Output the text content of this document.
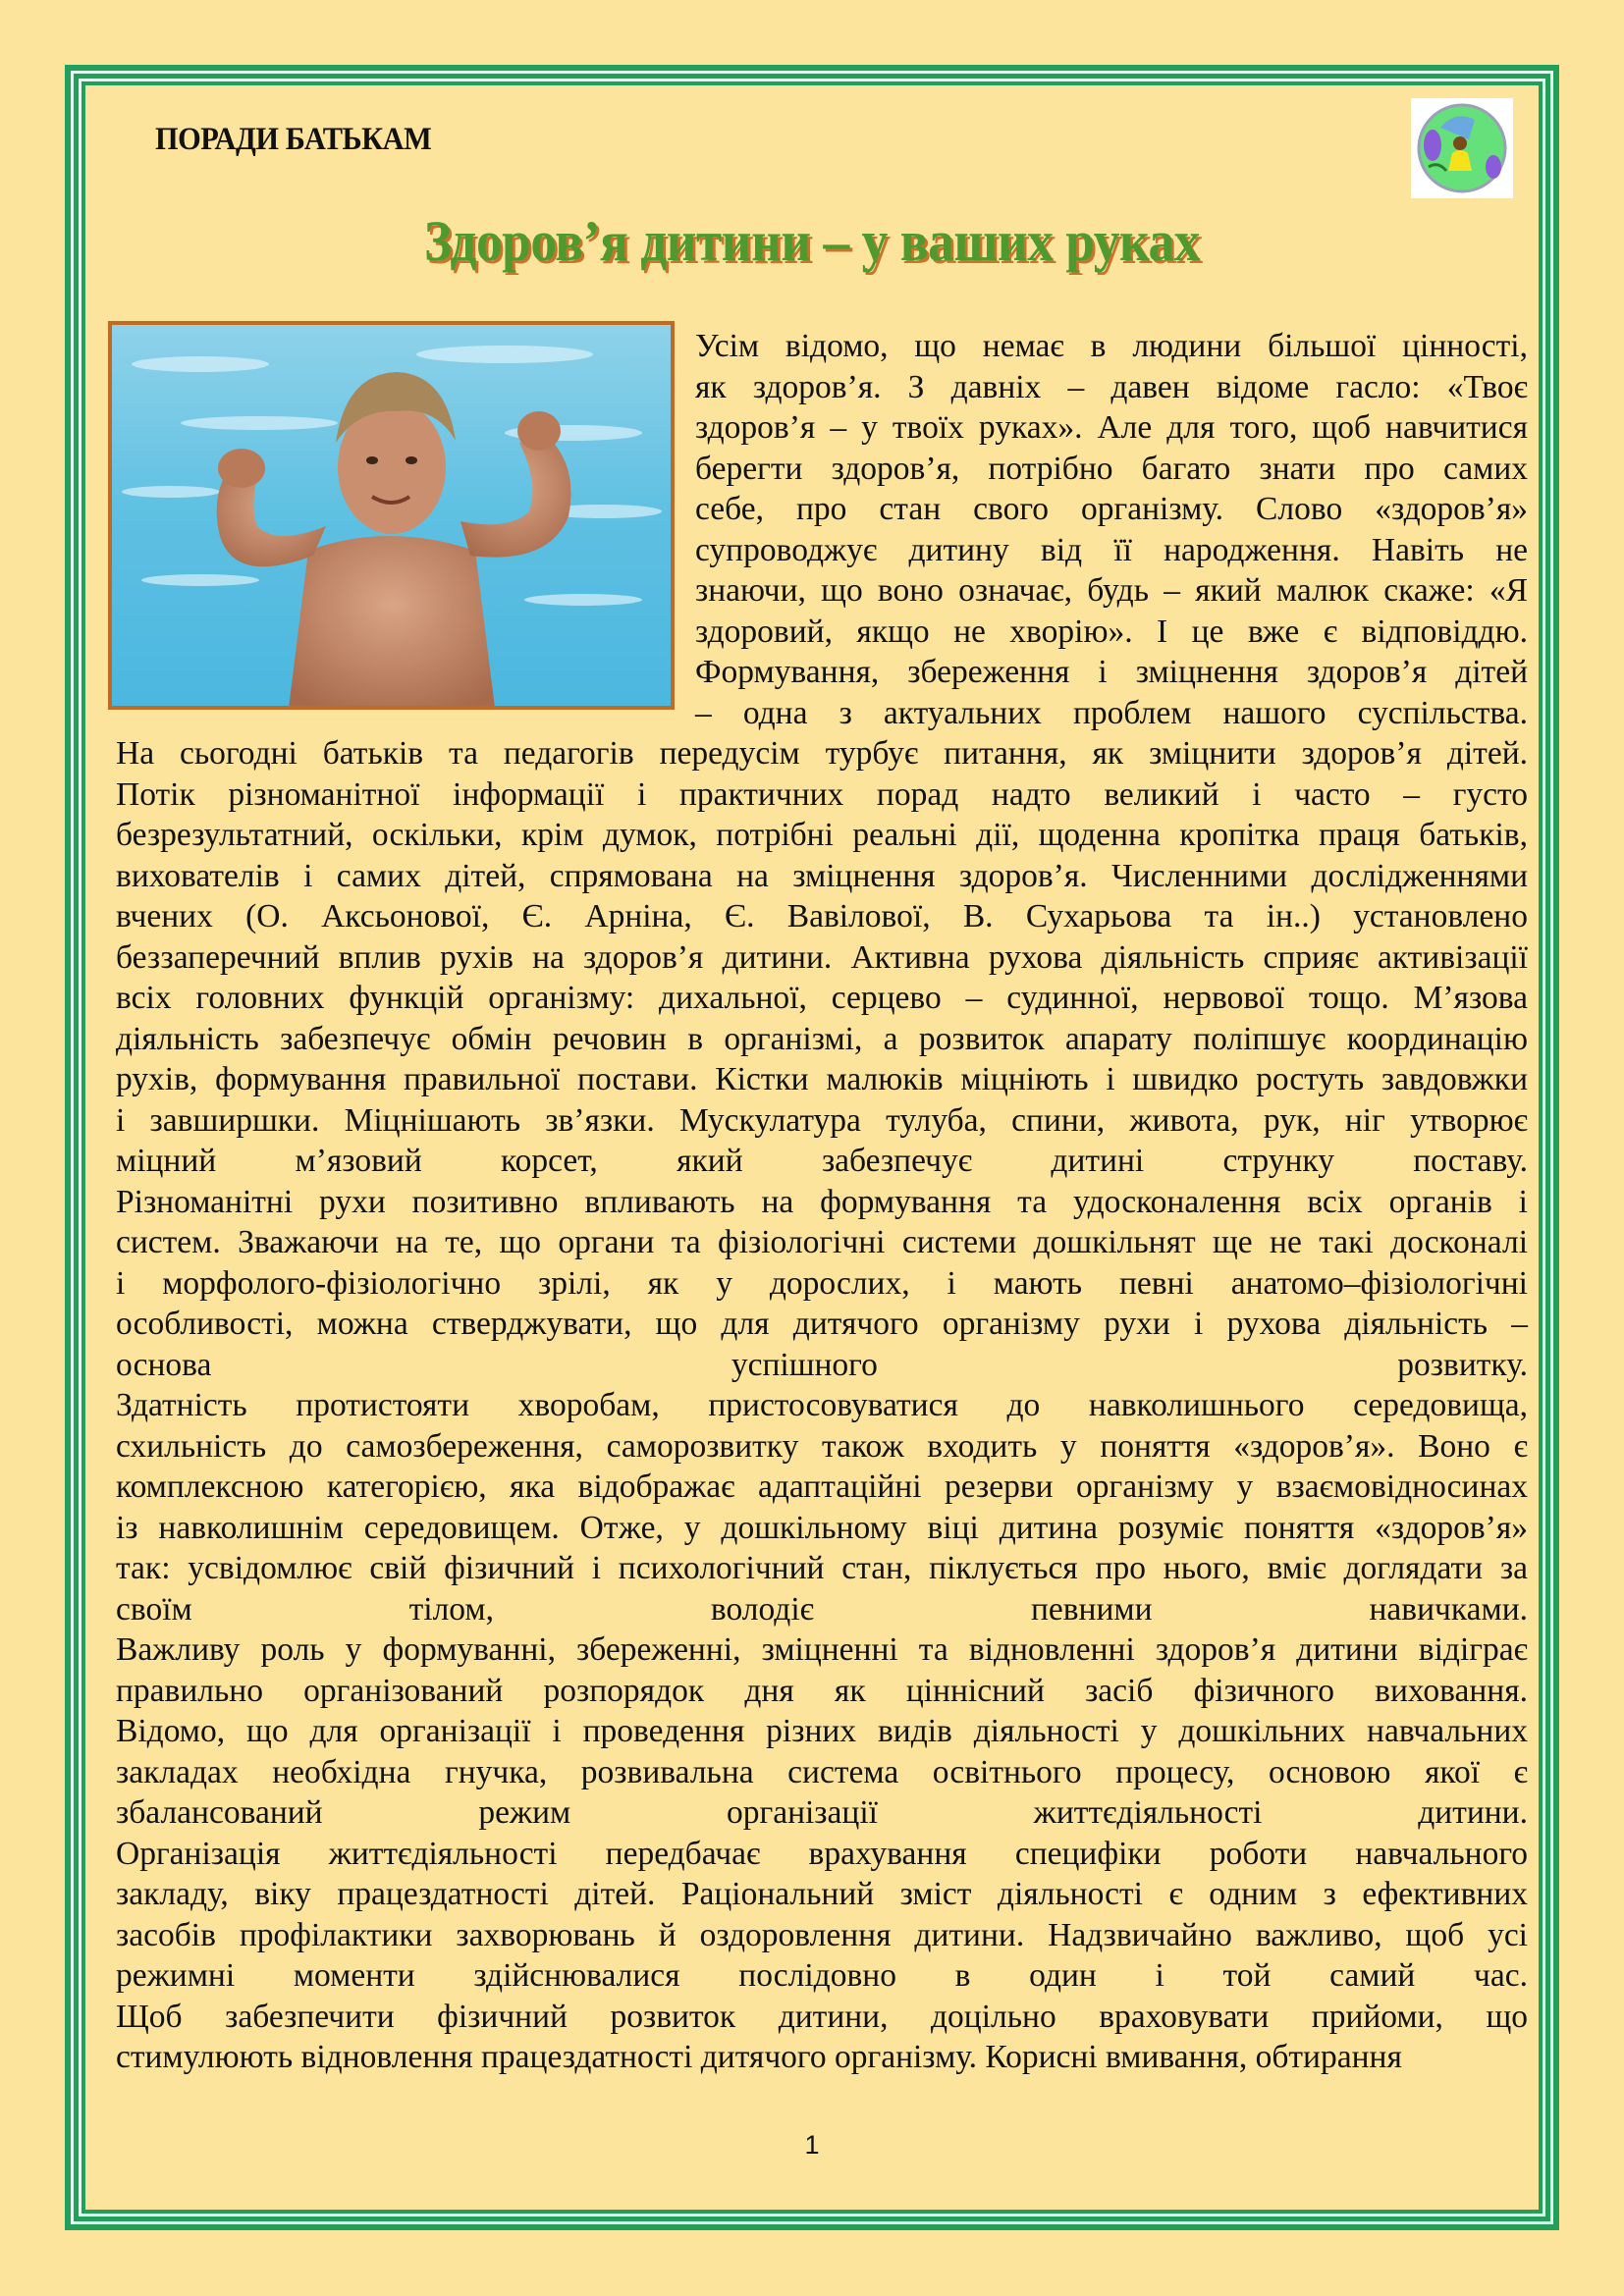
ПОРАДИ БАТЬКАМ
Здоров’я дитини – у ваших руках
Усім відомо, що немає в людини більшої цінності,
як здоров’я. З давніх – давен відоме гасло: «Твоє
здоров’я – у твоїх руках». Але для того, щоб навчитися
берегти здоров’я, потрібно багато знати про самих
себе, про стан свого організму. Слово «здоров’я»
супроводжує дитину від її народження. Навіть не
знаючи, що воно означає, будь – який малюк скаже: «Я
здоровий, якщо не хворію». І це вже є відповіддю.
Формування, збереження і зміцнення здоров’я дітей
– одна з актуальних проблем нашого суспільства.
На сьогодні батьків та педагогів передусім турбує питання, як зміцнити здоров’я дітей.
Потік різноманітної інформації і практичних порад надто великий і часто – густо
безрезультатний, оскільки, крім думок, потрібні реальні дії, щоденна кропітка праця батьків,
вихователів і самих дітей, спрямована на зміцнення здоров’я. Численними дослідженнями
вчених (О. Аксьонової, Є. Арніна, Є. Вавілової, В. Сухарьова та ін..) установлено
беззаперечний вплив рухів на здоров’я дитини. Активна рухова діяльність сприяє активізації
всіх головних функцій організму: дихальної, серцево – судинної, нервової тощо. М’язова
діяльність забезпечує обмін речовин в організмі, а розвиток апарату поліпшує координацію
рухів, формування правильної постави. Кістки малюків міцніють і швидко ростуть завдовжки
і завширшки. Міцнішають зв’язки. Мускулатура тулуба, спини, живота, рук, ніг утворює
міцний м’язовий корсет, який забезпечує дитині струнку поставу.
Різноманітні рухи позитивно впливають на формування та удосконалення всіх органів і
систем. Зважаючи на те, що органи та фізіологічні системи дошкільнят ще не такі досконалі
і морфолого-фізіологічно зрілі, як у дорослих, і мають певні анатомо–фізіологічні
особливості, можна стверджувати, що для дитячого організму рухи і рухова діяльність –
основа успішного розвитку.
Здатність протистояти хворобам, пристосовуватися до навколишнього середовища,
схильність до самозбереження, саморозвитку також входить у поняття «здоров’я». Воно є
комплексною категорією, яка відображає адаптаційні резерви організму у взаємовідносинах
із навколишнім середовищем. Отже, у дошкільному віці дитина розуміє поняття «здоров’я»
так: усвідомлює свій фізичний і психологічний стан, піклується про нього, вміє доглядати за
своїм тілом, володіє певними навичками.
Важливу роль у формуванні, збереженні, зміцненні та відновленні здоров’я дитини відіграє
правильно організований розпорядок дня як ціннісний засіб фізичного виховання.
Відомо, що для організації і проведення різних видів діяльності у дошкільних навчальних
закладах необхідна гнучка, розвивальна система освітнього процесу, основою якої є
збалансований режим організації життєдіяльності дитини.
Організація життєдіяльності передбачає врахування специфіки роботи навчального
закладу, віку працездатності дітей. Раціональний зміст діяльності є одним з ефективних
засобів профілактики захворювань й оздоровлення дитини. Надзвичайно важливо, щоб усі
режимні моменти здійснювалися послідовно в один і той самий час.
Щоб забезпечити фізичний розвиток дитини, доцільно враховувати прийоми, що
стимулюють відновлення працездатності дитячого організму. Корисні вмивання, обтирання
1
